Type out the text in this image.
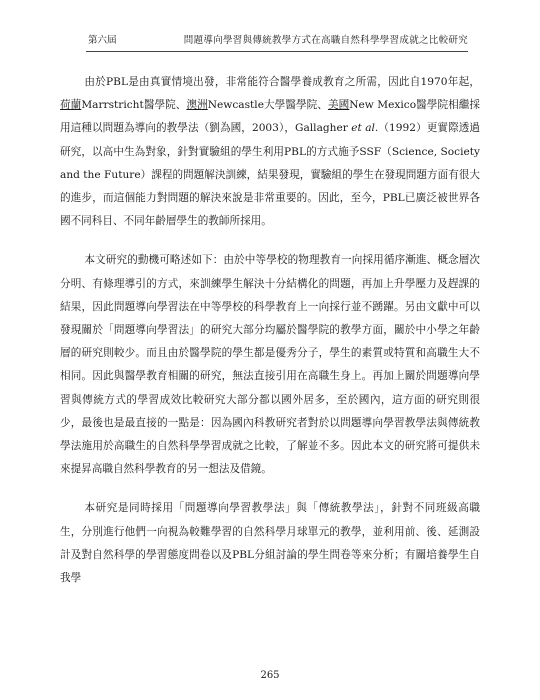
第六屆	問題導向學習與傳統教學方式在高職自然科學學習成就之比較研究

由於PBL是由真實情境出發，非常能符合醫學養成教育之所需，因此自1970年起，荷蘭Marrstricht醫學院、澳洲Newcastle大學醫學院、美國New Mexico醫學院相繼採用這種以問題為導向的教學法（劉為國，2003），Gallagher et al.（1992）更實際透過研究，以高中生為對象，針對實驗組的學生利用PBL的方式施予SSF（Science, Society and the Future）課程的問題解決訓練，結果發現，實驗組的學生在發現問題方面有很大的進步，而這個能力對問題的解決來說是非常重要的。因此，至今，PBL已廣泛被世界各國不同科目、不同年齡層學生的教師所採用。

本文研究的動機可略述如下：由於中等學校的物理教育一向採用循序漸進、概念層次分明、有條理導引的方式，來訓練學生解決十分結構化的問題，再加上升學壓力及趕課的結果，因此問題導向學習法在中等學校的科學教育上一向採行並不踴躍。另由文獻中可以發現關於「問題導向學習法」的研究大部分均屬於醫學院的教學方面，關於中小學之年齡層的研究則較少。而且由於醫學院的學生都是優秀分子，學生的素質或特質和高職生大不相同。因此與醫學教育相關的研究，無法直接引用在高職生身上。再加上關於問題導向學習與傳統方式的學習成效比較研究大部分都以國外居多，至於國內，這方面的研究則很少，最後也是最直接的一點是：因為國內科教研究者對於以問題導向學習教學法與傳統教學法施用於高職生的自然科學學習成就之比較，了解並不多。因此本文的研究將可提供未來提昇高職自然科學教育的另一想法及借鏡。

本研究是同時採用「問題導向學習教學法」與「傳統教學法」，針對不同班級高職生，分別進行他們一向視為較難學習的自然科學月球單元的教學，並利用前、後、延測設計及對自然科學的學習態度問卷以及PBL分組討論的學生問卷等來分析；有關培養學生自我學

265
